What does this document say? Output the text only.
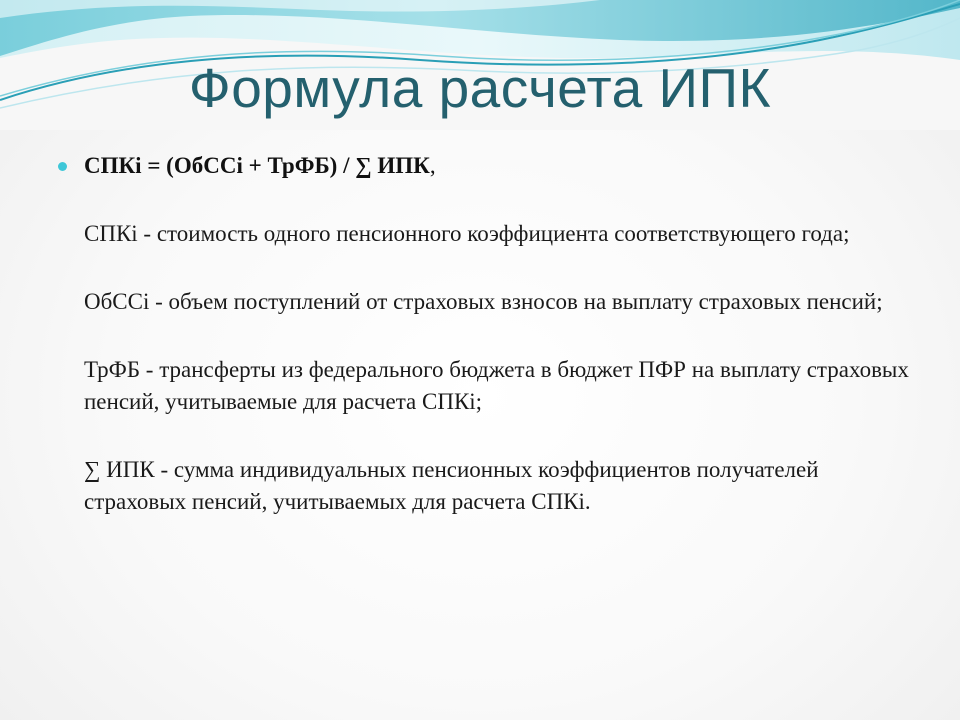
Формула расчета ИПК

СПКi = (ОбССi + ТрФБ) / ∑ ИПК,

СПКi - стоимость одного пенсионного коэффициента соответствующего года;

ОбССi - объем поступлений от страховых взносов на выплату страховых пенсий;

ТрФБ - трансферты из федерального бюджета в бюджет ПФР на выплату страховых пенсий, учитываемые для расчета СПКi;

∑ ИПК - сумма индивидуальных пенсионных коэффициентов получателей страховых пенсий, учитываемых для расчета СПКi.
